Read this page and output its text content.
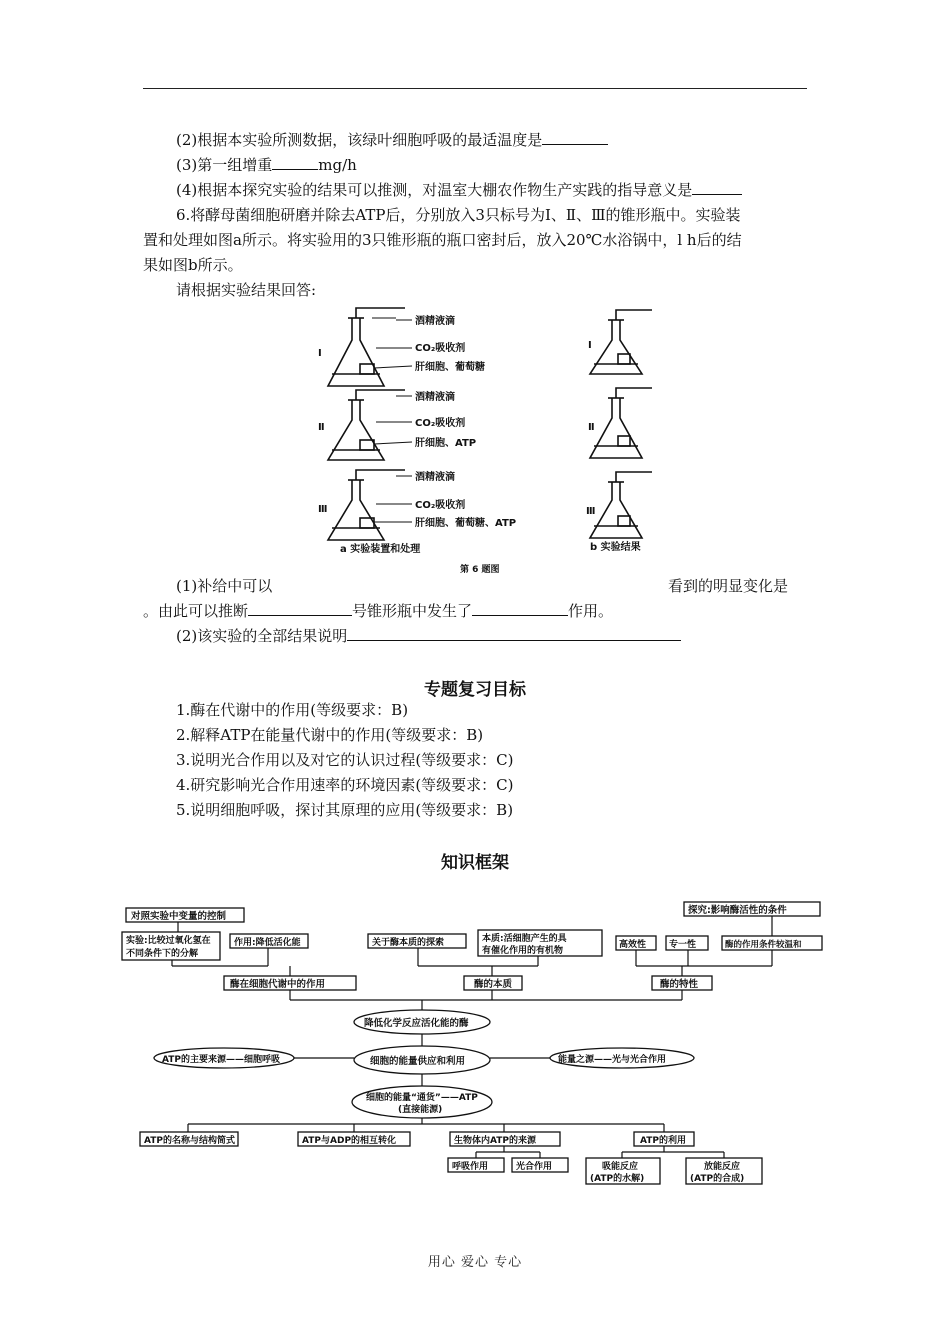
(2)根据本实验所测数据，该绿叶细胞呼吸的最适温度是
(3)第一组增重	mg/h
(4)根据本探究实验的结果可以推测，对温室大棚农作物生产实践的指导意义是
6.将酵母菌细胞研磨并除去ATP后，分别放入3只标号为Ⅰ、Ⅱ、Ⅲ的锥形瓶中。实验装
置和处理如图a所示。将实验用的3只锥形瓶的瓶口密封后，放入20℃水浴锅中，l h后的结
果如图b所示。
请根据实验结果回答:
酒精液滴
CO₂吸收剂
肝细胞、葡萄糖
酒精液滴
CO₂吸收剂
肝细胞、ATP
酒精液滴
CO₂吸收剂
肝细胞、葡萄糖、ATP
Ⅰ
Ⅱ
Ⅲ
Ⅰ
Ⅱ
Ⅲ
a 实验装置和处理	b 实验结果
第 6 题图
(1)补给中可以	看到的明显变化是
。由此可以推断	号锥形瓶中发生了	作用。
(2)该实验的全部结果说明
专题复习目标
1.酶在代谢中的作用(等级要求：B)
2.解释ATP在能量代谢中的作用(等级要求：B)
3.说明光合作用以及对它的认识过程(等级要求：C)
4.研究影响光合作用速率的环境因素(等级要求：C)
5.说明细胞呼吸，探讨其原理的应用(等级要求：B)
知识框架
对照实验中变量的控制
探究:影响酶活性的条件
实验:比较过氧化氢在
不同条件下的分解
作用:降低活化能	关于酶本质的探索	本质:活细胞产生的具
有催化作用的有机物
高效性	专一性	酶的作用条件较温和
酶在细胞代谢中的作用	酶的本质	酶的特性
降低化学反应活化能的酶
细胞的能量供应和利用
ATP的主要来源——细胞呼吸	能量之源——光与光合作用
细胞的能量“通货”——ATP
(直接能源)
ATP的名称与结构简式	ATP与ADP的相互转化	生物体内ATP的来源	ATP的利用
呼吸作用	光合作用	吸能反应
(ATP的水解)
放能反应
(ATP的合成)
用心 爱心 专心
